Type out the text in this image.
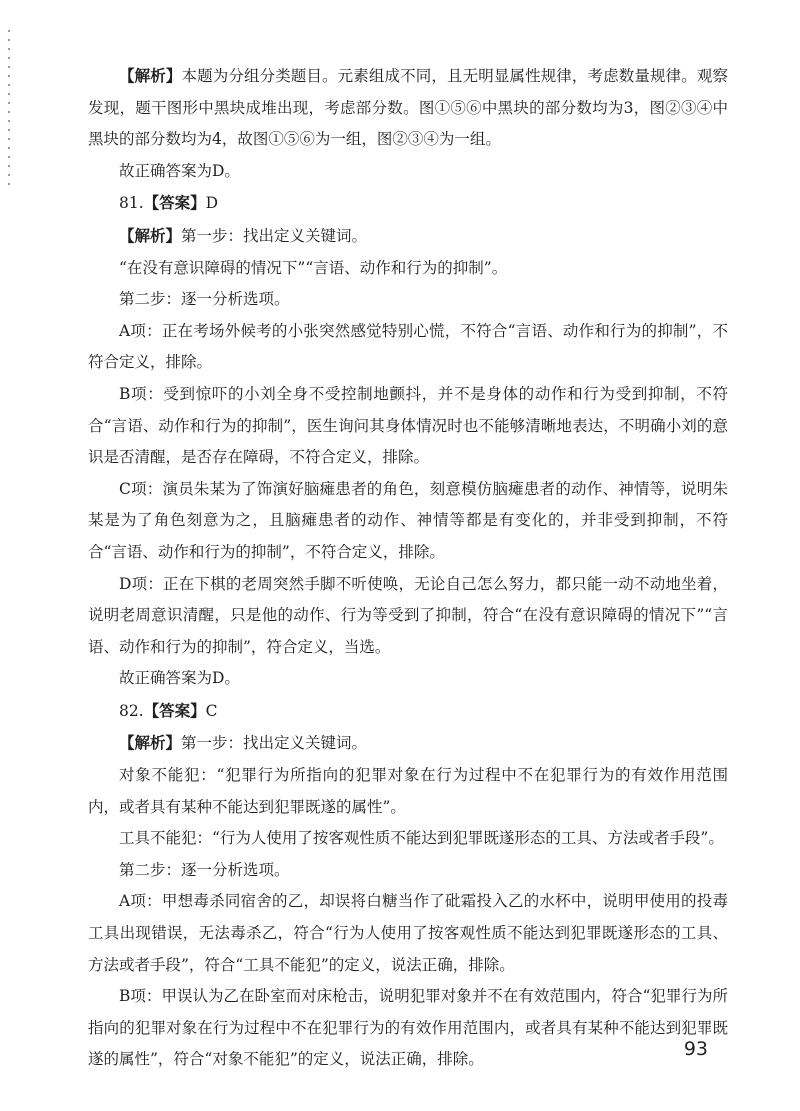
【解析】本题为分组分类题目。元素组成不同，且无明显属性规律，考虑数量规律。观察发现，题干图形中黑块成堆出现，考虑部分数。图①⑤⑥中黑块的部分数均为3，图②③④中黑块的部分数均为4，故图①⑤⑥为一组，图②③④为一组。

故正确答案为D。

81.【答案】D

【解析】第一步：找出定义关键词。

“在没有意识障碍的情况下”“言语、动作和行为的抑制”。

第二步：逐一分析选项。

A项：正在考场外候考的小张突然感觉特别心慌，不符合“言语、动作和行为的抑制”，不符合定义，排除。

B项：受到惊吓的小刘全身不受控制地颤抖，并不是身体的动作和行为受到抑制，不符合“言语、动作和行为的抑制”，医生询问其身体情况时也不能够清晰地表达，不明确小刘的意识是否清醒，是否存在障碍，不符合定义，排除。

C项：演员朱某为了饰演好脑瘫患者的角色，刻意模仿脑瘫患者的动作、神情等，说明朱某是为了角色刻意为之，且脑瘫患者的动作、神情等都是有变化的，并非受到抑制，不符合“言语、动作和行为的抑制”，不符合定义，排除。

D项：正在下棋的老周突然手脚不听使唤，无论自己怎么努力，都只能一动不动地坐着，说明老周意识清醒，只是他的动作、行为等受到了抑制，符合“在没有意识障碍的情况下”“言语、动作和行为的抑制”，符合定义，当选。

故正确答案为D。

82.【答案】C

【解析】第一步：找出定义关键词。

对象不能犯：“犯罪行为所指向的犯罪对象在行为过程中不在犯罪行为的有效作用范围内，或者具有某种不能达到犯罪既遂的属性”。

工具不能犯：“行为人使用了按客观性质不能达到犯罪既遂形态的工具、方法或者手段”。

第二步：逐一分析选项。

A项：甲想毒杀同宿舍的乙，却误将白糖当作了砒霜投入乙的水杯中，说明甲使用的投毒工具出现错误，无法毒杀乙，符合“行为人使用了按客观性质不能达到犯罪既遂形态的工具、方法或者手段”，符合“工具不能犯”的定义，说法正确，排除。

B项：甲误认为乙在卧室而对床枪击，说明犯罪对象并不在有效范围内，符合“犯罪行为所指向的犯罪对象在行为过程中不在犯罪行为的有效作用范围内，或者具有某种不能达到犯罪既遂的属性”，符合“对象不能犯”的定义，说法正确，排除。	93
